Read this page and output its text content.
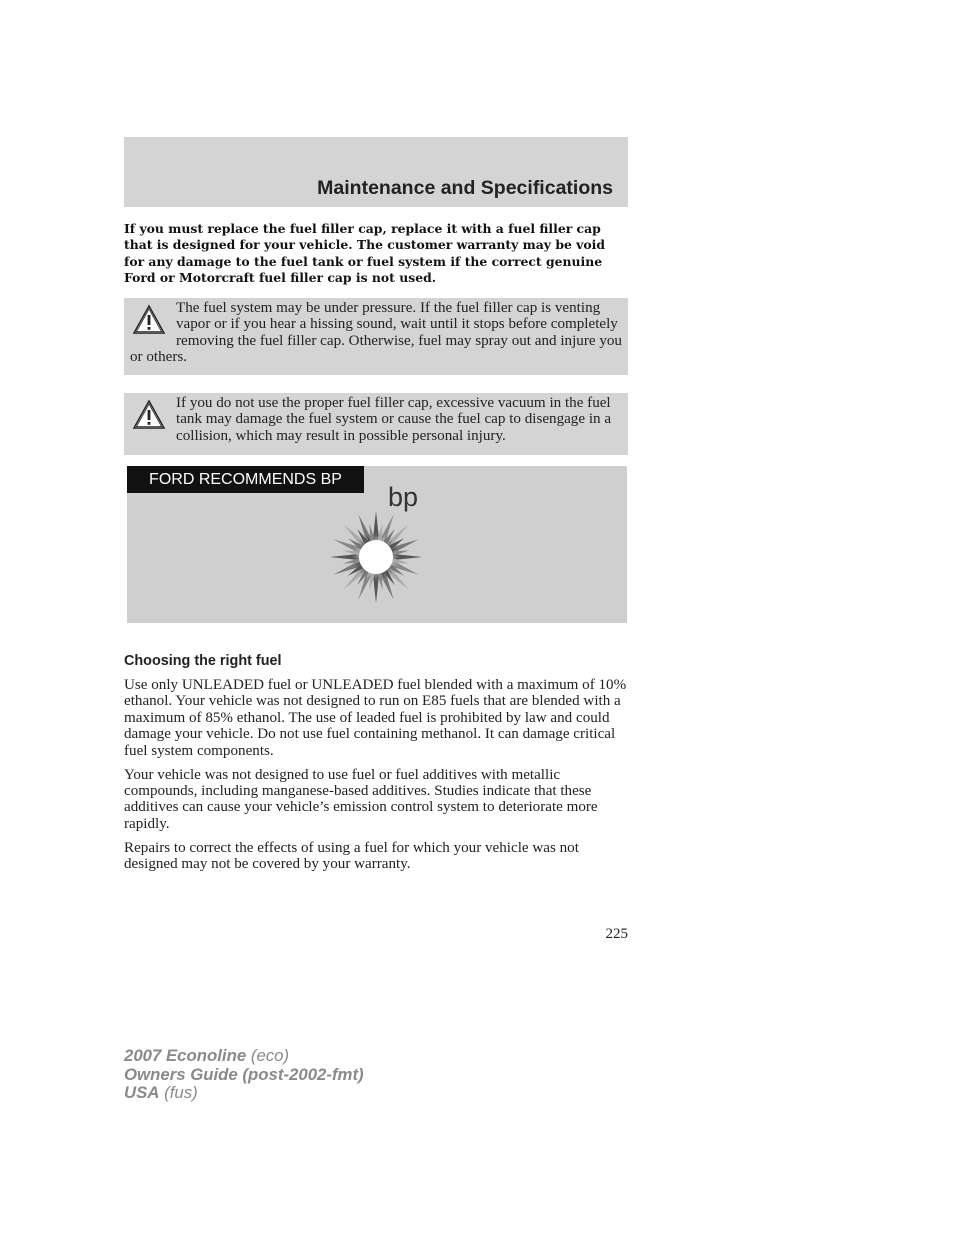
Maintenance and Specifications
If you must replace the fuel filler cap, replace it with a fuel filler cap that is designed for your vehicle. The customer warranty may be void for any damage to the fuel tank or fuel system if the correct genuine Ford or Motorcraft fuel filler cap is not used.

The fuel system may be under pressure. If the fuel filler cap is venting vapor or if you hear a hissing sound, wait until it stops before completely removing the fuel filler cap. Otherwise, fuel may spray out and injure you or others.

If you do not use the proper fuel filler cap, excessive vacuum in the fuel tank may damage the fuel system or cause the fuel cap to disengage in a collision, which may result in possible personal injury.

FORD RECOMMENDS BP
bp
Choosing the right fuel

Use only UNLEADED fuel or UNLEADED fuel blended with a maximum of 10% ethanol. Your vehicle was not designed to run on E85 fuels that are blended with a maximum of 85% ethanol. The use of leaded fuel is prohibited by law and could damage your vehicle. Do not use fuel containing methanol. It can damage critical fuel system components.

Your vehicle was not designed to use fuel or fuel additives with metallic compounds, including manganese-based additives. Studies indicate that these additives can cause your vehicle’s emission control system to deteriorate more rapidly.

Repairs to correct the effects of using a fuel for which your vehicle was not designed may not be covered by your warranty.

225
2007 Econoline (eco)
Owners Guide (post-2002-fmt)
USA (fus)
